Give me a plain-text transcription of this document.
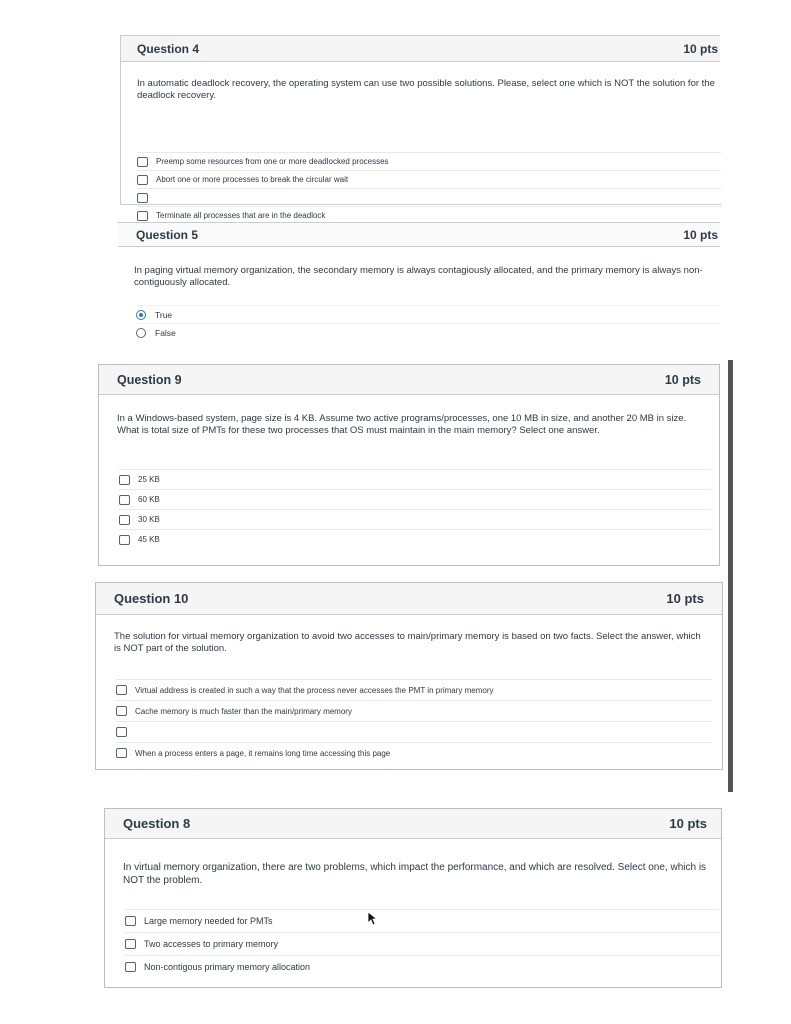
Question 4	10 pts
In automatic deadlock recovery, the operating system can use two possible solutions. Please, select one which is NOT the solution for the deadlock recovery.
Preemp some resources from one or more deadlocked processes
Abort one or more processes to break the circular wait
Terminate all processes that are in the deadlock
Question 5	10 pts
In paging virtual memory organization, the secondary memory is always contagiously allocated, and the primary memory is always non-contiguously allocated.
True
False
Question 9	10 pts
In a Windows-based system, page size is 4 KB. Assume two active programs/processes, one 10 MB in size, and another 20 MB in size. What is total size of PMTs for these two processes that OS must maintain in the main memory? Select one answer.
25 KB
60 KB
30 KB
45 KB
Question 10	10 pts
The solution for virtual memory organization to avoid two accesses to main/primary memory is based on two facts. Select the answer, which is NOT part of the solution.
Virtual address is created in such a way that the process never accesses the PMT in primary memory
Cache memory is much faster than the main/primary memory
When a process enters a page, it remains long time accessing this page
Question 8	10 pts
In virtual memory organization, there are two problems, which impact the performance, and which are resolved. Select one, which is NOT the problem.
Large memory needed for PMTs
Two accesses to primary memory
Non-contigous primary memory allocation
